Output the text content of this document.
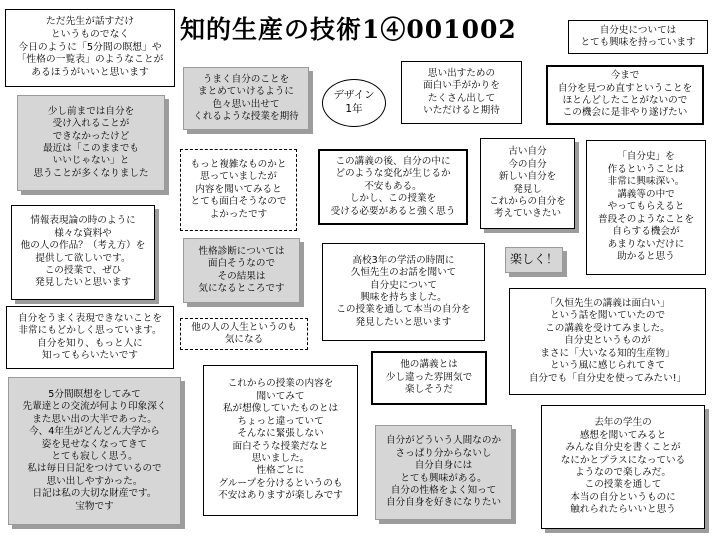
知的生産の技術1④001002
ただ先生が話すだけ
というものでなく
今日のように「5分間の瞑想」や
「性格の一覧表」のようなことが
あるほうがいいと思います
自分史については
とても興味を持っています
少し前までは自分を
受け入れることが
できなかったけど
最近は「このままでも
いいじゃない」と
思うことが多くなりました
うまく自分のことを
まとめていけるように
色々思い出せて
くれるような授業を期待
デザイン
1年
思い出すための
面白い手がかりを
たくさん出して
いただけると期待
今まで
自分を見つめ直すということを
ほとんどしたことがないので
この機会に是非やり遂げたい
もっと複雑なものかと
思っていましたが
内容を聞いてみると
とても面白そうなので
よかったです
この講義の後、自分の中に
どのような変化が生じるか
不安もある。
しかし、この授業を
受ける必要があると強く思う
古い自分
今の自分
新しい自分を
発見し
これからの自分を
考えていきたい
「自分史」を
作るということは
非常に興味深い。
講義等の中で
やってもらえると
普段そのようなことを
自らする機会が
あまりないだけに
助かると思う
情報表現論の時のように
様々な資料や
他の人の作品？（考え方）を
提供して欲しいです。
この授業で、ぜひ
発見したいと思います
性格診断については
面白そうなので
その結果は
気になるところです
高校3年の学活の時間に
久恒先生のお話を聞いて
自分史について
興味を持ちました。
この授業を通して本当の自分を
発見したいと思います
楽しく！
「久恒先生の講義は面白い」
という話を聞いていたので
この講義を受けてみました。
自分史というものが
まさに「大いなる知的生産物」
という風に感じられてきて
自分でも「自分史を使ってみたい!」
自分をうまく表現できないことを
非常にもどかしく思っています。
自分を知り、もっと人に
知ってもらいたいです
他の人の人生というのも
気になる
他の講義とは
少し違った雰囲気で
楽しそうだ
5分間瞑想をしてみて
先輩達との交流が何より印象深く
また思い出の大半であった。
今、4年生がどんどん大学から
姿を見せなくなってきて
とても寂しく思う。
私は毎日日記をつけているので
思い出しやすかった。
日記は私の大切な財産です。
宝物です
これからの授業の内容を
聞いてみて
私が想像していたものとは
ちょっと違っていて
そんなに緊張しない
面白そうな授業だなと
思いました。
性格ごとに
グループを分けるというのも
不安はありますが楽しみです
自分がどういう人間なのか
さっぱり分からないし
自分自身には
とても興味がある。
自分の性格をよく知って
自分自身を好きになりたい
去年の学生の
感想を聞いてみると
みんな自分史を書くことが
なにかとプラスになっている
ようなので楽しみだ。
この授業を通して
本当の自分というものに
触れられたらいいと思う
